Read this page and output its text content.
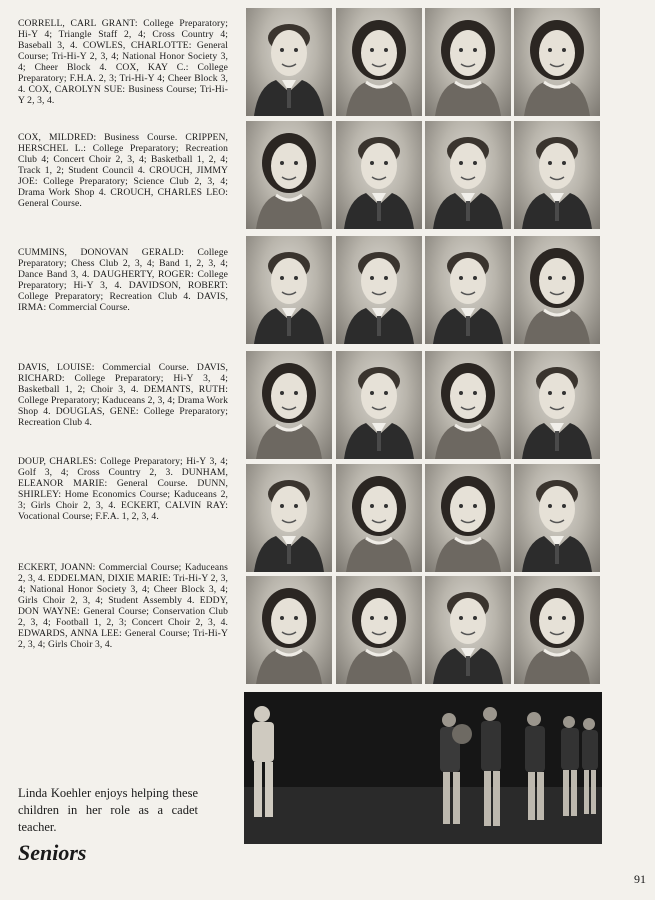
CORRELL, CARL GRANT: College Preparatory; Hi-Y 4; Triangle Staff 2, 4; Cross Country 4; Baseball 3, 4. COWLES, CHARLOTTE: General Course; Tri-Hi-Y 2, 3, 4; National Honor Society 3, 4; Cheer Block 4. COX, KAY C.: College Preparatory; F.H.A. 2, 3; Tri-Hi-Y 4; Cheer Block 3, 4. COX, CAROLYN SUE: Business Course; Tri-Hi-Y 2, 3, 4.

COX, MILDRED: Business Course. CRIPPEN, HERSCHEL L.: College Preparatory; Recreation Club 4; Concert Choir 2, 3, 4; Basketball 1, 2, 4; Track 1, 2; Student Council 4. CROUCH, JIMMY JOE: College Preparatory; Science Club 2, 3, 4; Drama Work Shop 4. CROUCH, CHARLES LEO: General Course.

CUMMINS, DONOVAN GERALD: College Preparatory; Chess Club 2, 3, 4; Band 1, 2, 3, 4; Dance Band 3, 4. DAUGHERTY, ROGER: College Preparatory; Hi-Y 3, 4. DAVIDSON, ROBERT: College Preparatory; Recreation Club 4. DAVIS, IRMA: Commercial Course.

DAVIS, LOUISE: Commercial Course. DAVIS, RICHARD: College Preparatory; Hi-Y 3, 4; Basketball 1, 2; Choir 3, 4. DEMANTS, RUTH: College Preparatory; Kaduceans 2, 3, 4; Drama Work Shop 4. DOUGLAS, GENE: College Preparatory; Recreation Club 4.

DOUP, CHARLES: College Preparatory; Hi-Y 3, 4; Golf 3, 4; Cross Country 2, 3. DUNHAM, ELEANOR MARIE: General Course. DUNN, SHIRLEY: Home Economics Course; Kaduceans 2, 3; Girls Choir 2, 3, 4. ECKERT, CALVIN RAY: Vocational Course; F.F.A. 1, 2, 3, 4.

ECKERT, JOANN: Commercial Course; Kaduceans 2, 3, 4. EDDELMAN, DIXIE MARIE: Tri-Hi-Y 2, 3, 4; National Honor Society 3, 4; Cheer Block 3, 4; Girls Choir 2, 3, 4; Student Assembly 4. EDDY, DON WAYNE: General Course; Conservation Club 2, 3, 4; Football 1, 2, 3; Concert Choir 2, 3, 4. EDWARDS, ANNA LEE: General Course; Tri-Hi-Y 2, 3, 4; Girls Choir 3, 4.

Linda Koehler enjoys helping these children in her role as a cadet teacher.

Seniors
91
